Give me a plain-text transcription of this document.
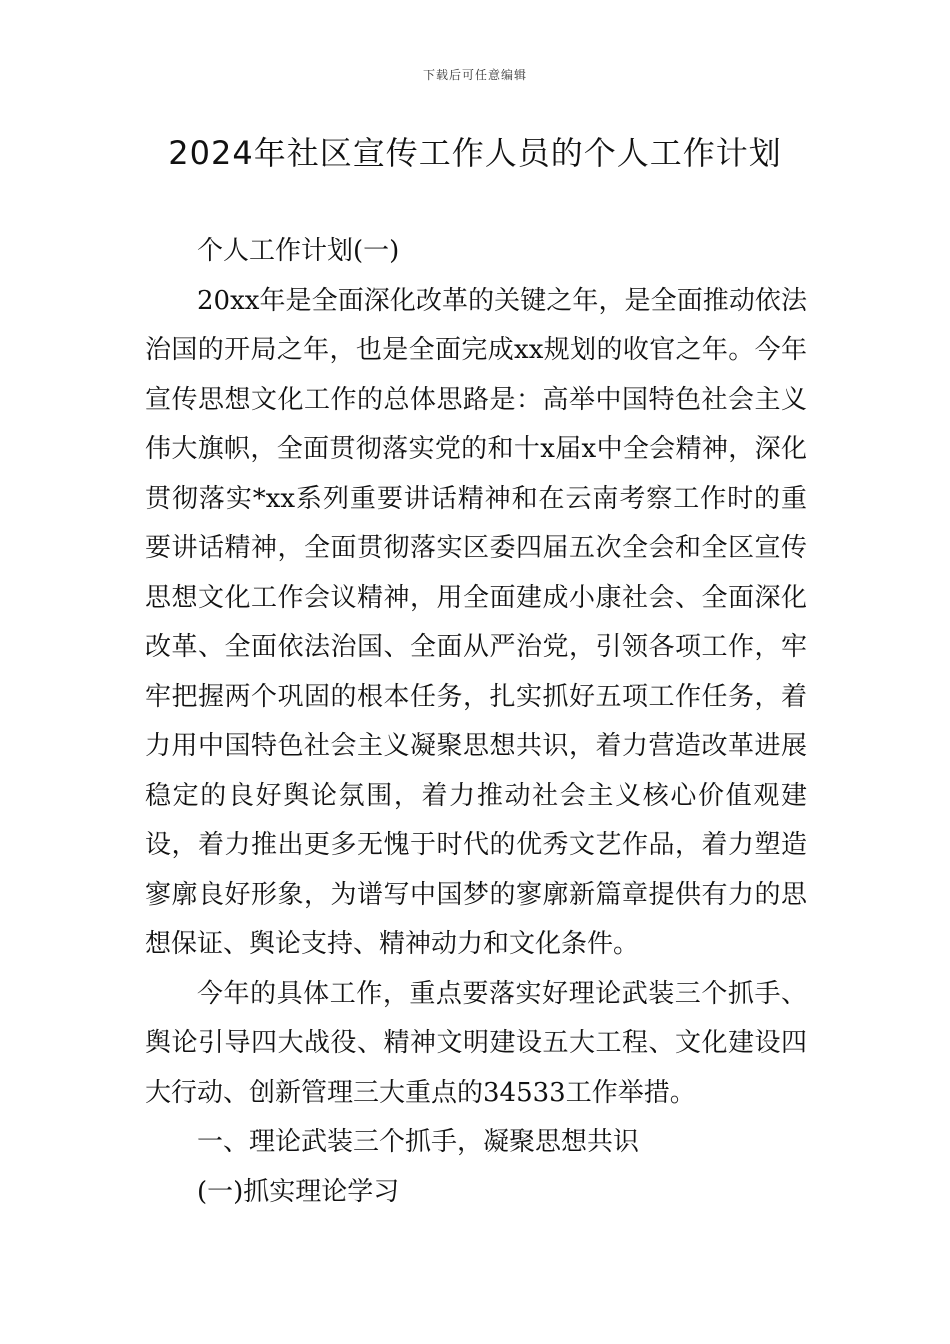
下载后可任意编辑
2024年社区宣传工作人员的个人工作计划

个人工作计划(一)

20xx年是全面深化改革的关键之年，是全面推动依法治国的开局之年，也是全面完成xx规划的收官之年。今年宣传思想文化工作的总体思路是：高举中国特色社会主义伟大旗帜，全面贯彻落实党的和十x届x中全会精神，深化贯彻落实*xx系列重要讲话精神和在云南考察工作时的重要讲话精神，全面贯彻落实区委四届五次全会和全区宣传思想文化工作会议精神，用全面建成小康社会、全面深化改革、全面依法治国、全面从严治党，引领各项工作，牢牢把握两个巩固的根本任务，扎实抓好五项工作任务，着力用中国特色社会主义凝聚思想共识，着力营造改革进展稳定的良好舆论氛围，着力推动社会主义核心价值观建设，着力推出更多无愧于时代的优秀文艺作品，着力塑造寥廓良好形象，为谱写中国梦的寥廓新篇章提供有力的思想保证、舆论支持、精神动力和文化条件。

今年的具体工作，重点要落实好理论武装三个抓手、舆论引导四大战役、精神文明建设五大工程、文化建设四大行动、创新管理三大重点的34533工作举措。

一、理论武装三个抓手，凝聚思想共识

(一)抓实理论学习
